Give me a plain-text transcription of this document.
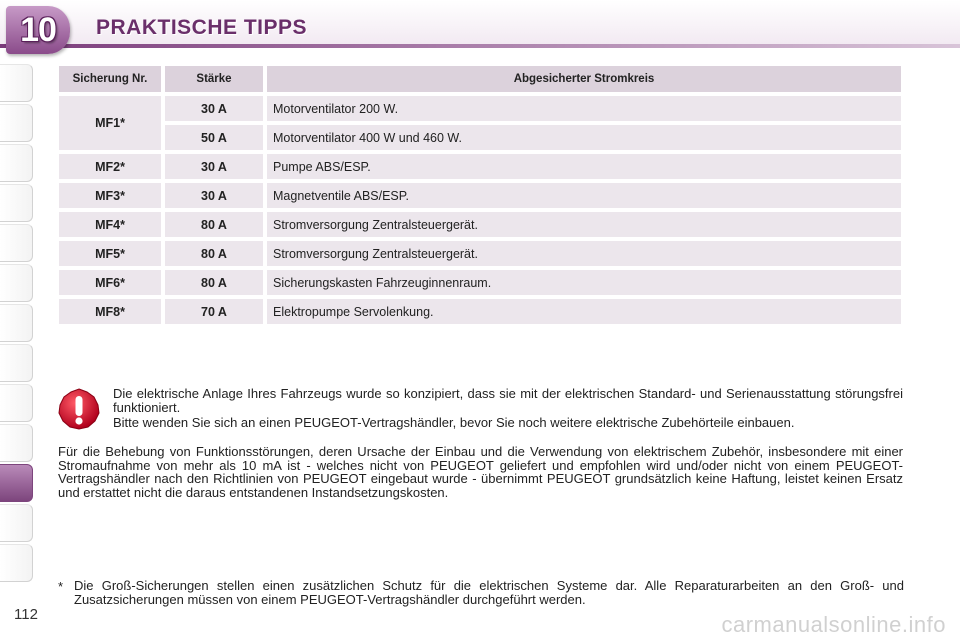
10 PRAKTISCHE TIPPS
Sicherung Nr.	Stärke	Abgesicherter Stromkreis
MF1*	30 A	Motorventilator 200 W.
	50 A	Motorventilator 400 W und 460 W.
MF2*	30 A	Pumpe ABS/ESP.
MF3*	30 A	Magnetventile ABS/ESP.
MF4*	80 A	Stromversorgung Zentralsteuergerät.
MF5*	80 A	Stromversorgung Zentralsteuergerät.
MF6*	80 A	Sicherungskasten Fahrzeuginnenraum.
MF8*	70 A	Elektropumpe Servolenkung.
Die elektrische Anlage Ihres Fahrzeugs wurde so konzipiert, dass sie mit der elektrischen Standard- und Serienausstattung störungsfrei funktioniert.
Bitte wenden Sie sich an einen PEUGEOT-Vertragshändler, bevor Sie noch weitere elektrische Zubehörteile einbauen.
Für die Behebung von Funktionsstörungen, deren Ursache der Einbau und die Verwendung von elektrischem Zubehör, insbesondere mit einer Stromaufnahme von mehr als 10 mA ist - welches nicht von PEUGEOT geliefert und empfohlen wird und/oder nicht von einem PEUGEOT-Vertragshändler nach den Richtlinien von PEUGEOT eingebaut wurde - übernimmt PEUGEOT grundsätzlich keine Haftung, leistet keinen Ersatz und erstattet nicht die daraus entstandenen Instandsetzungskosten.
* Die Groß-Sicherungen stellen einen zusätzlichen Schutz für die elektrischen Systeme dar. Alle Reparaturarbeiten an den Groß- und Zusatzsicherungen müssen von einem PEUGEOT-Vertragshändler durchgeführt werden.
112	carmanualsonline.info
